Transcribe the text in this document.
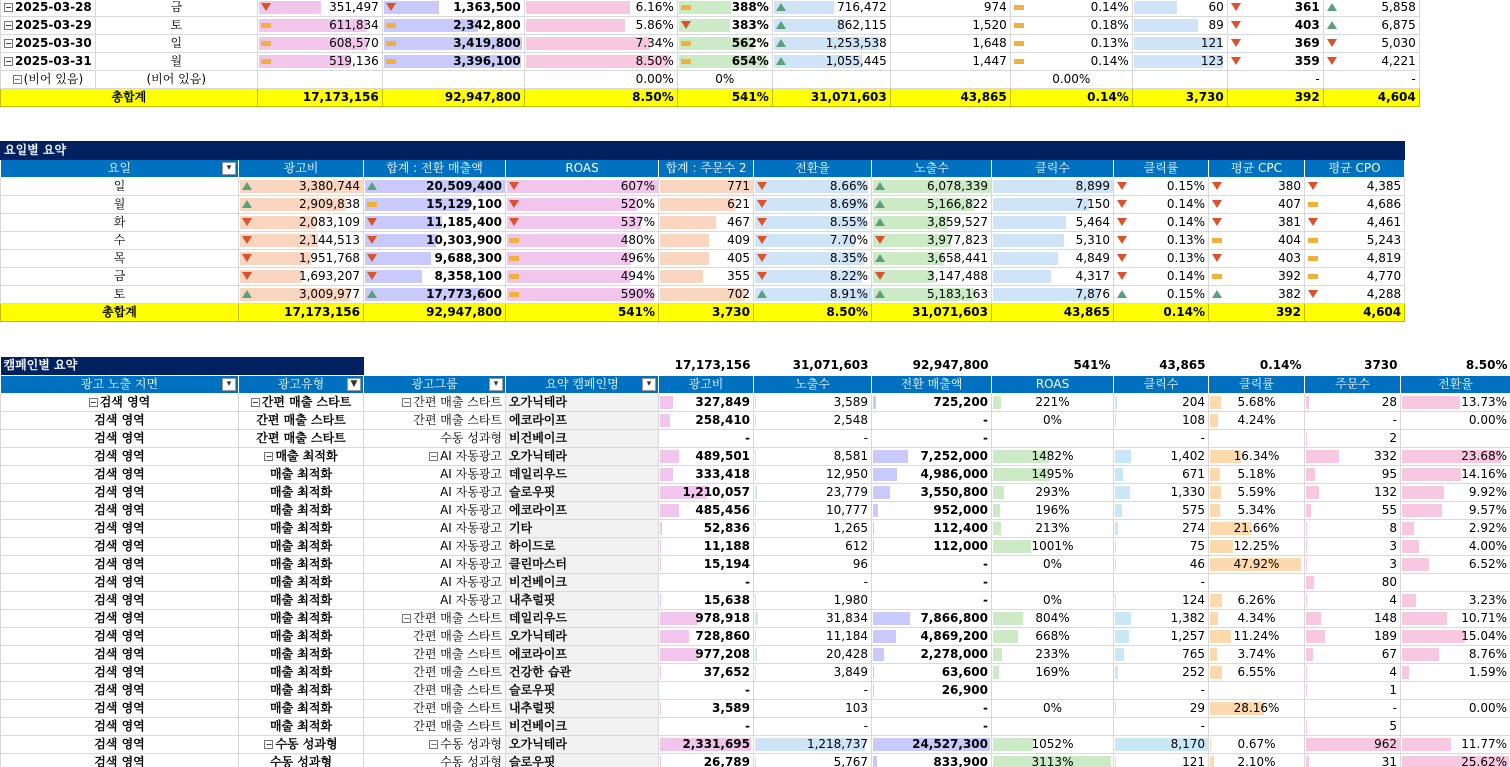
− 2025-03-28	금	351,497	1,363,500	6.16%	388%	716,472	974	0.14%	60	361	5,858
− 2025-03-29	토	611,834	2,342,800	5.86%	383%	862,115	1,520	0.18%	89	403	6,875
− 2025-03-30	일	608,570	3,419,800	7.34%	562%	1,253,538	1,648	0.13%	121	369	5,030
− 2025-03-31	월	519,136	3,396,100	8.50%	654%	1,055,445	1,447	0.14%	123	359	4,221
− (비어 있음)	(비어 있음)			0.00%	0%			0.00%		-	-
총합계		17,173,156	92,947,800	8.50%	541%	31,071,603	43,865	0.14%	3,730	392	4,604
요일별 요약										
요일 ▾	광고비	합계 : 전환 매출액	ROAS	합계 : 주문수 2	전환율	노출수	클릭수	클릭률	평균 CPC	평균 CPO
일	3,380,744	20,509,400	607%	771	8.66%	6,078,339	8,899	0.15%	380	4,385
월	2,909,838	15,129,100	520%	621	8.69%	5,166,822	7,150	0.14%	407	4,686
화	2,083,109	11,185,400	537%	467	8.55%	3,859,527	5,464	0.14%	381	4,461
수	2,144,513	10,303,900	480%	409	7.70%	3,977,823	5,310	0.13%	404	5,243
목	1,951,768	9,688,300	496%	405	8.35%	3,658,441	4,849	0.13%	403	4,819
금	1,693,207	8,358,100	494%	355	8.22%	3,147,488	4,317	0.14%	392	4,770
토	3,009,977	17,773,600	590%	702	8.91%	5,183,163	7,876	0.15%	382	4,288
총합계	17,173,156	92,947,800	541%	3,730	8.50%	31,071,603	43,865	0.14%	392	4,604
캠페인별 요약				17,173,156	31,071,603	92,947,800	541%	43,865	0.14%	3730	8.50%
광고 노출 지면 ▾	광고유형 ▼	광고그룹 ▾	요약 캠페인명 ▾	광고비	노출수	전환 매출액	ROAS	클릭수	클릭률	주문수	전환율
− 검색 영역	− 간편 매출 스타트	− 간편 매출 스타트	오가닉테라	327,849	3,589	725,200	221%	204	5.68%	28	13.73%
검색 영역	간편 매출 스타트	간편 매출 스타트	에코라이프	258,410	2,548	-	0%	108	4.24%	-	0.00%
검색 영역	간편 매출 스타트	수동 성과형	비건베이크	-	-	-		-		2	

검색 영역	− 매출 최적화	− AI 자동광고	오가닉테라	489,501	8,581	7,252,000	1482%	1,402	16.34%	332	23.68%
검색 영역	매출 최적화	AI 자동광고	데일리우드	333,418	12,950	4,986,000	1495%	671	5.18%	95	14.16%
검색 영역	매출 최적화	AI 자동광고	슬로우핏	1,210,057	23,779	3,550,800	293%	1,330	5.59%	132	9.92%
검색 영역	매출 최적화	AI 자동광고	에코라이프	485,456	10,777	952,000	196%	575	5.34%	55	9.57%
검색 영역	매출 최적화	AI 자동광고	기타	52,836	1,265	112,400	213%	274	21.66%	8	2.92%
검색 영역	매출 최적화	AI 자동광고	하이드로	11,188	612	112,000	1001%	75	12.25%	3	4.00%
검색 영역	매출 최적화	AI 자동광고	클린마스터	15,194	96	-	0%	46	47.92%	3	6.52%
검색 영역	매출 최적화	AI 자동광고	비건베이크	-	-	-		-		80	

검색 영역	매출 최적화	AI 자동광고	내추럴핏	15,638	1,980	-	0%	124	6.26%	4	3.23%
검색 영역	매출 최적화	− 간편 매출 스타트	데일리우드	978,918	31,834	7,866,800	804%	1,382	4.34%	148	10.71%
검색 영역	매출 최적화	간편 매출 스타트	오가닉테라	728,860	11,184	4,869,200	668%	1,257	11.24%	189	15.04%
검색 영역	매출 최적화	간편 매출 스타트	에코라이프	977,208	20,428	2,278,000	233%	765	3.74%	67	8.76%
검색 영역	매출 최적화	간편 매출 스타트	건강한 습관	37,652	3,849	63,600	169%	252	6.55%	4	1.59%
검색 영역	매출 최적화	간편 매출 스타트	슬로우핏	-	-	26,900		-		1	

검색 영역	매출 최적화	간편 매출 스타트	내추럴핏	3,589	103	-	0%	29	28.16%	-	0.00%
검색 영역	매출 최적화	간편 매출 스타트	비건베이크	-	-	-		-		5	

검색 영역	− 수동 성과형	− 수동 성과형	오가닉테라	2,331,695	1,218,737	24,527,300	1052%	8,170	0.67%	962	11.77%
검색 영역	수동 성과형	수동 성과형	슬로우핏	26,789	5,767	833,900	3113%	121	2.10%	31	25.62%
